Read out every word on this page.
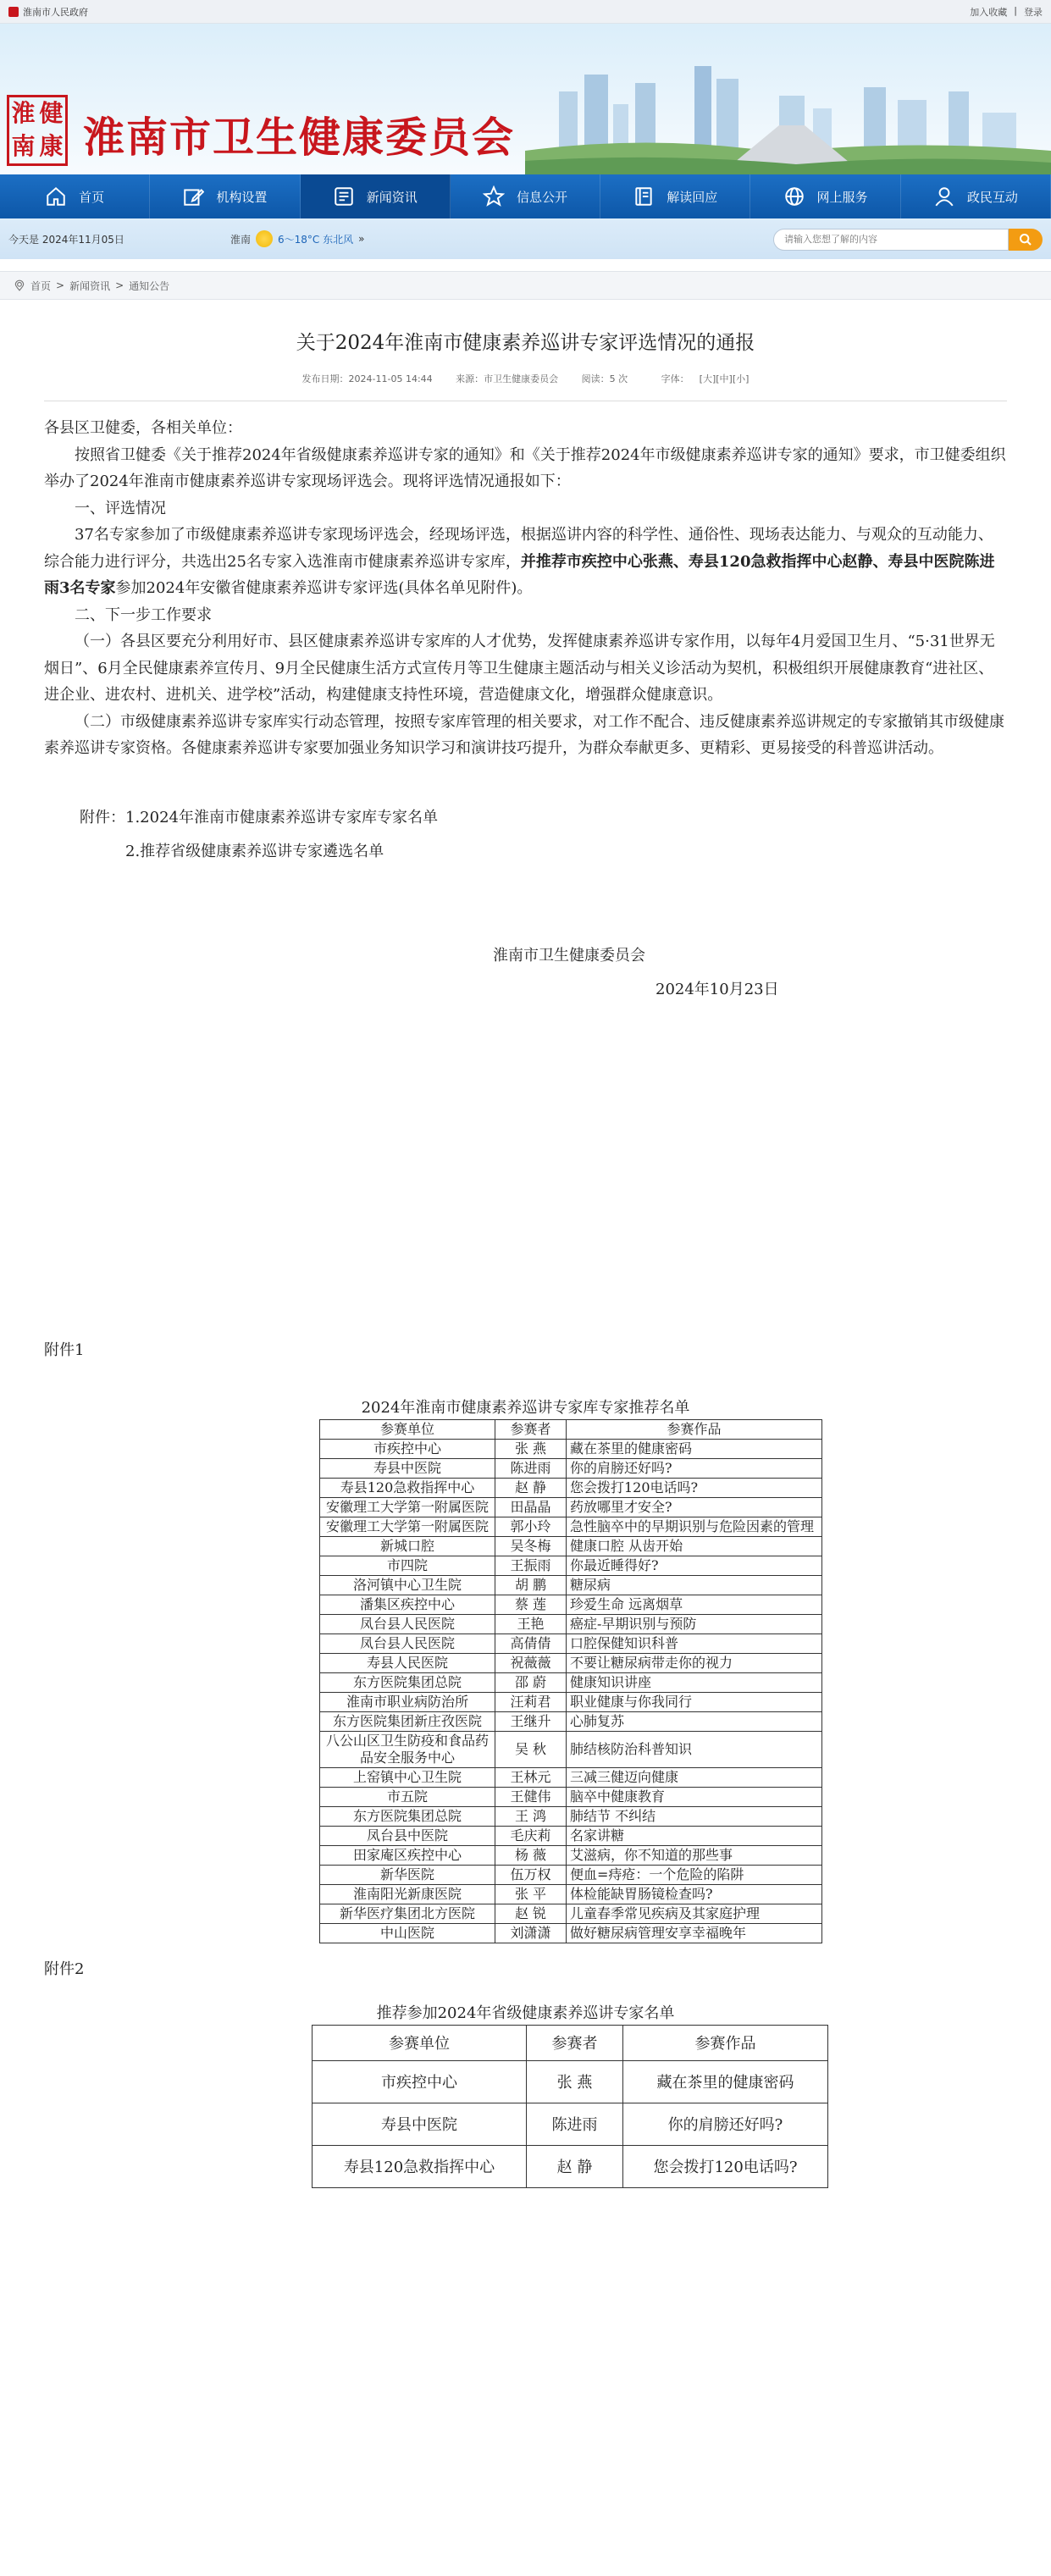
淮南市人民政府	加入收藏 | 登录
淮 健
南 康 淮南市卫生健康委员会
首页	机构设置	新闻资讯	信息公开	解读回应	网上服务	政民互动
今天是 2024年11月05日	淮南	6～18°C 东北风 »
请输入您想了解的内容
首页 > 新闻资讯 > 通知公告
关于2024年淮南市健康素养巡讲专家评选情况的通报
发布日期：2024-11-05 14:44	来源：市卫生健康委员会	阅读：5 次	字体： [大][中][小]

各县区卫健委，各相关单位：

按照省卫健委《关于推荐2024年省级健康素养巡讲专家的通知》和《关于推荐2024年市级健康素养巡讲专家的通知》要求，市卫健委组织举办了2024年淮南市健康素养巡讲专家现场评选会。现将评选情况通报如下：

一、评选情况

37名专家参加了市级健康素养巡讲专家现场评选会，经现场评选，根据巡讲内容的科学性、通俗性、现场表达能力、与观众的互动能力、综合能力进行评分，共选出25名专家入选淮南市健康素养巡讲专家库，并推荐市疾控中心张燕、寿县120急救指挥中心赵静、寿县中医院陈进雨3名专家参加2024年安徽省健康素养巡讲专家评选(具体名单见附件)。

二、下一步工作要求

（一）各县区要充分利用好市、县区健康素养巡讲专家库的人才优势，发挥健康素养巡讲专家作用，以每年4月爱国卫生月、“5·31世界无烟日”、6月全民健康素养宣传月、9月全民健康生活方式宣传月等卫生健康主题活动与相关义诊活动为契机，积极组织开展健康教育“进社区、进企业、进农村、进机关、进学校”活动，构建健康支持性环境，营造健康文化，增强群众健康意识。

（二）市级健康素养巡讲专家库实行动态管理，按照专家库管理的相关要求，对工作不配合、违反健康素养巡讲规定的专家撤销其市级健康素养巡讲专家资格。各健康素养巡讲专家要加强业务知识学习和演讲技巧提升，为群众奉献更多、更精彩、更易接受的科普巡讲活动。

附件：1.2024年淮南市健康素养巡讲专家库专家名单
2.推荐省级健康素养巡讲专家遴选名单
淮南市卫生健康委员会
2024年10月23日
附件1
2024年淮南市健康素养巡讲专家库专家推荐名单
参赛单位	参赛者	参赛作品
市疾控中心	张 燕	藏在茶里的健康密码
寿县中医院	陈进雨	你的肩膀还好吗?
寿县120急救指挥中心	赵 静	您会拨打120电话吗?
安徽理工大学第一附属医院	田晶晶	药放哪里才安全?
安徽理工大学第一附属医院	郭小玲	急性脑卒中的早期识别与危险因素的管理
新城口腔	吴冬梅	健康口腔 从齿开始
市四院	王振雨	你最近睡得好?
洛河镇中心卫生院	胡 鹏	糖尿病
潘集区疾控中心	蔡 莲	珍爱生命 远离烟草
凤台县人民医院	王艳	癌症-早期识别与预防
凤台县人民医院	高倩倩	口腔保健知识科普
寿县人民医院	祝薇薇	不要让糖尿病带走你的视力
东方医院集团总院	邵 蔚	健康知识讲座
淮南市职业病防治所	汪莉君	职业健康与你我同行
东方医院集团新庄孜医院	王继升	心肺复苏
八公山区卫生防疫和食品药品安全服务中心	吴 秋	肺结核防治科普知识
上窑镇中心卫生院	王林元	三减三健迈向健康
市五院	王健伟	脑卒中健康教育
东方医院集团总院	王 鸿	肺结节 不纠结
凤台县中医院	毛庆莉	名家讲糖
田家庵区疾控中心	杨 薇	艾滋病，你不知道的那些事
新华医院	伍万权	便血=痔疮：一个危险的陷阱
淮南阳光新康医院	张 平	体检能缺胃肠镜检查吗?
新华医疗集团北方医院	赵 锐	儿童春季常见疾病及其家庭护理
中山医院	刘潇潇	做好糖尿病管理安享幸福晚年
附件2
推荐参加2024年省级健康素养巡讲专家名单
参赛单位	参赛者	参赛作品
市疾控中心	张 燕	藏在茶里的健康密码
寿县中医院	陈进雨	你的肩膀还好吗?
寿县120急救指挥中心	赵 静	您会拨打120电话吗?
